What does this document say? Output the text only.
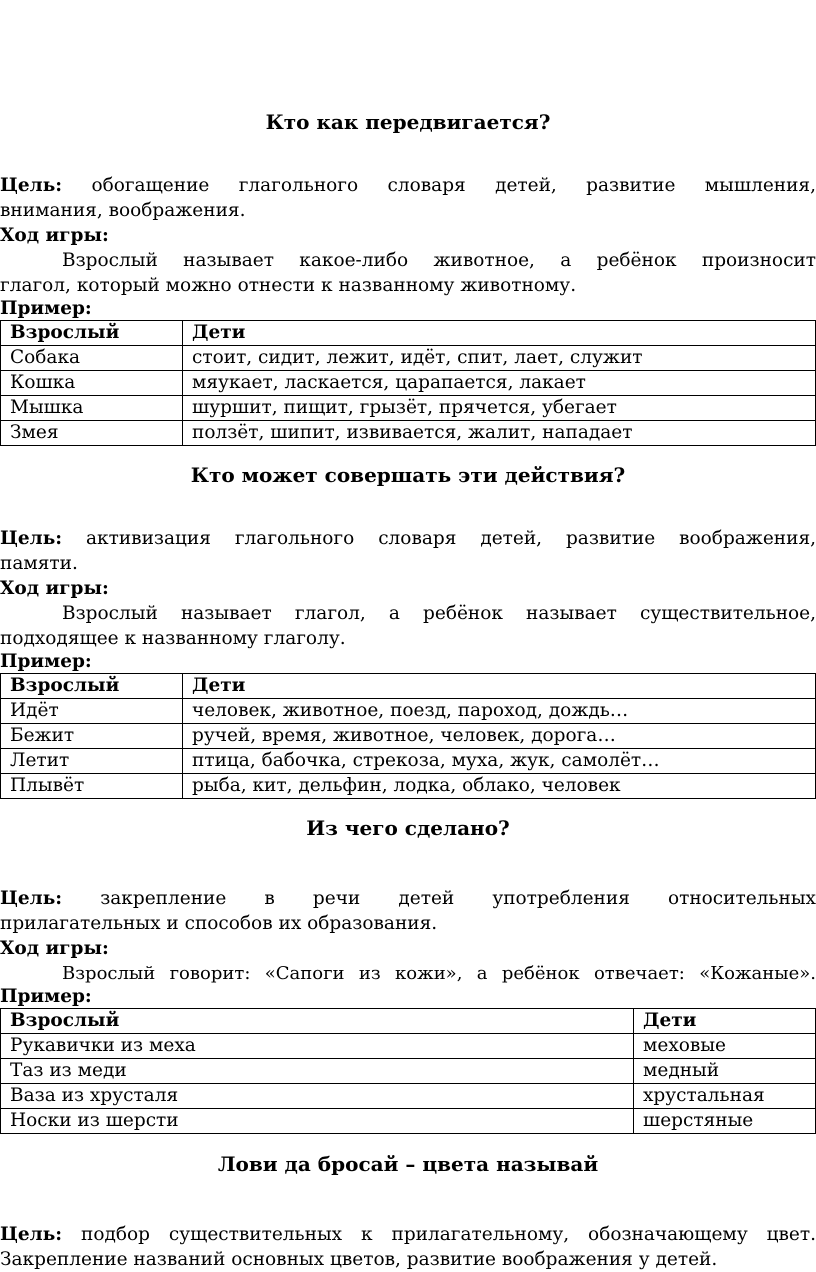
Кто как передвигается?

Цель: обогащение глагольного словаря детей, развитие мышления,
внимания, воображения.

Ход игры:

Взрослый называет какое-либо животное, а ребёнок произносит
глагол, который можно отнести к названному животному.

Пример:

Взрослый	Дети
Собака	стоит, сидит, лежит, идёт, спит, лает, служит
Кошка	мяукает, ласкается, царапается, лакает
Мышка	шуршит, пищит, грызёт, прячется, убегает
Змея	ползёт, шипит, извивается, жалит, нападает
Кто может совершать эти действия?

Цель: активизация глагольного словаря детей, развитие воображения,
памяти.

Ход игры:

Взрослый называет глагол, а ребёнок называет существительное,
подходящее к названному глаголу.

Пример:

Взрослый	Дети
Идёт	человек, животное, поезд, пароход, дождь…
Бежит	ручей, время, животное, человек, дорога…
Летит	птица, бабочка, стрекоза, муха, жук, самолёт…
Плывёт	рыба, кит, дельфин, лодка, облако, человек
Из чего сделано?

Цель: закрепление в речи детей употребления относительных
прилагательных и способов их образования.

Ход игры:

Взрослый говорит: «Сапоги из кожи», а ребёнок отвечает: «Кожаные».

Пример:

Взрослый	Дети
Рукавички из меха	меховые
Таз из меди	медный
Ваза из хрусталя	хрустальная
Носки из шерсти	шерстяные
Лови да бросай – цвета называй

Цель: подбор существительных к прилагательному, обозначающему цвет.
Закрепление названий основных цветов, развитие воображения у детей.
